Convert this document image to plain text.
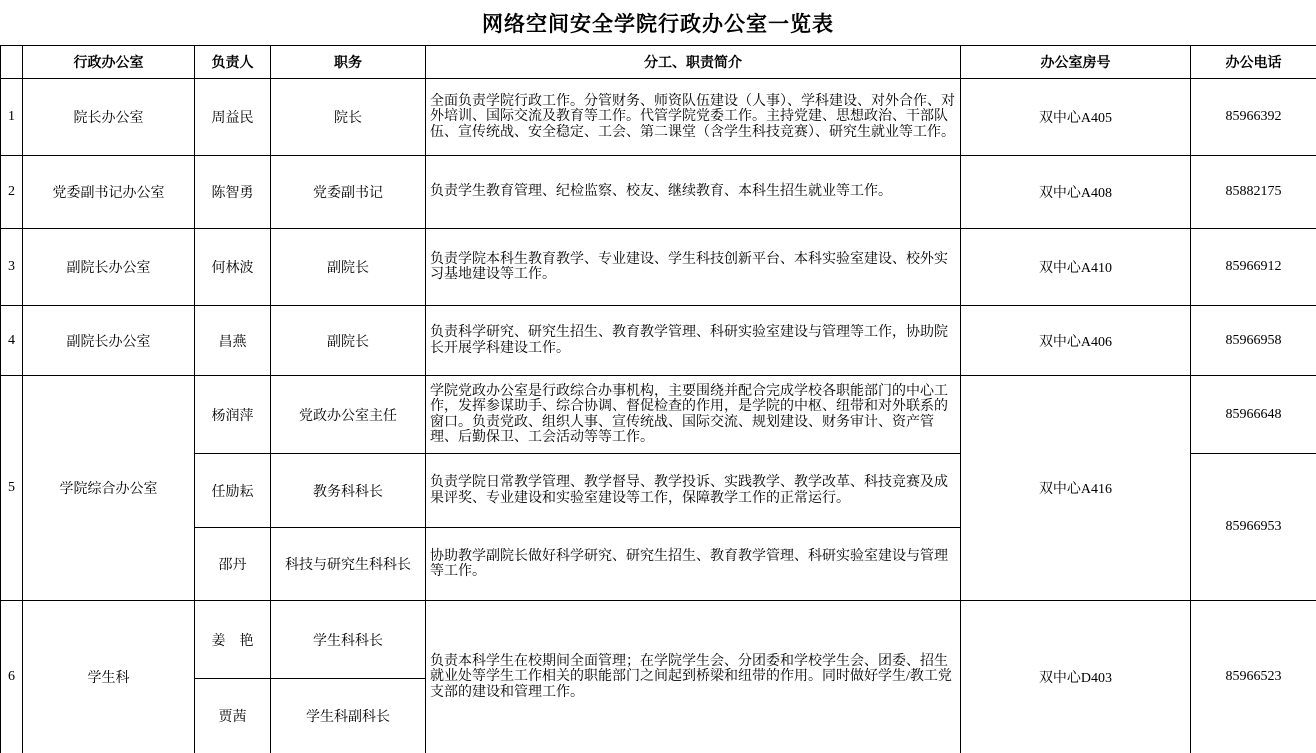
网络空间安全学院行政办公室一览表
	行政办公室	负责人	职务	分工、职责简介	办公室房号	办公电话
1	院长办公室	周益民	院长	全面负责学院行政工作。分管财务、师资队伍建设（人事）、学科建设、对外合作、对外培训、国际交流及教育等工作。代管学院党委工作。主持党建、思想政治、干部队伍、宣传统战、安全稳定、工会、第二课堂（含学生科技竞赛）、研究生就业等工作。	双中心A405	85966392
2	党委副书记办公室	陈智勇	党委副书记	负责学生教育管理、纪检监察、校友、继续教育、本科生招生就业等工作。	双中心A408	85882175
3	副院长办公室	何林波	副院长	负责学院本科生教育教学、专业建设、学生科技创新平台、本科实验室建设、校外实习基地建设等工作。	双中心A410	85966912
4	副院长办公室	昌燕	副院长	负责科学研究、研究生招生、教育教学管理、科研实验室建设与管理等工作，协助院长开展学科建设工作。	双中心A406	85966958
5	学院综合办公室	杨润萍	党政办公室主任	学院党政办公室是行政综合办事机构，主要围绕并配合完成学校各职能部门的中心工作，发挥参谋助手、综合协调、督促检查的作用，是学院的中枢、纽带和对外联系的窗口。负责党政、组织人事、宣传统战、国际交流、规划建设、财务审计、资产管理、后勤保卫、工会活动等等工作。	双中心A416	85966648
		任励耘	教务科科长	负责学院日常教学管理、教学督导、教学投诉、实践教学、教学改革、科技竞赛及成果评奖、专业建设和实验室建设等工作，保障教学工作的正常运行。		85966953
		邵丹	科技与研究生科科长	协助教学副院长做好科学研究、研究生招生、教育教学管理、科研实验室建设与管理等工作。		
6	学生科	姜　艳	学生科科长	负责本科学生在校期间全面管理；在学院学生会、分团委和学校学生会、团委、招生就业处等学生工作相关的职能部门之间起到桥梁和纽带的作用。同时做好学生/教工党支部的建设和管理工作。	双中心D403	85966523
		贾茜	学生科副科长			
